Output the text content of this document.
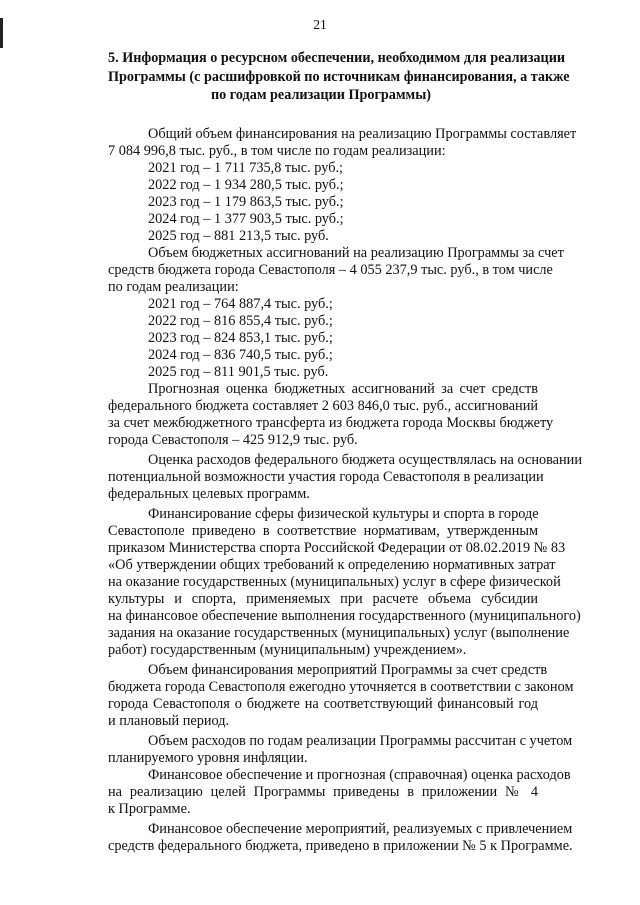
21
5. Информация о ресурсном обеспечении, необходимом для реализации
Программы (с расшифровкой по источникам финансирования, а также
по годам реализации Программы)
Общий объем финансирования на реализацию Программы составляет
7 084 996,8 тыс. руб., в том числе по годам реализации:
2021 год – 1 711 735,8 тыс. руб.;
2022 год – 1 934 280,5 тыс. руб.;
2023 год – 1 179 863,5 тыс. руб.;
2024 год – 1 377 903,5 тыс. руб.;
2025 год – 881 213,5 тыс. руб.
Объем бюджетных ассигнований на реализацию Программы за счет
средств бюджета города Севастополя – 4 055 237,9 тыс. руб., в том числе
по годам реализации:
2021 год – 764 887,4 тыс. руб.;
2022 год – 816 855,4 тыс. руб.;
2023 год – 824 853,1 тыс. руб.;
2024 год – 836 740,5 тыс. руб.;
2025 год – 811 901,5 тыс. руб.
Прогнозная оценка бюджетных ассигнований за счет средств
федерального бюджета составляет 2 603 846,0 тыс. руб., ассигнований
за счет межбюджетного трансферта из бюджета города Москвы бюджету
города Севастополя – 425 912,9 тыс. руб.
Оценка расходов федерального бюджета осуществлялась на основании
потенциальной возможности участия города Севастополя в реализации
федеральных целевых программ.
Финансирование сферы физической культуры и спорта в городе
Севастополе приведено в соответствие нормативам, утвержденным
приказом Министерства спорта Российской Федерации от 08.02.2019 № 83
«Об утверждении общих требований к определению нормативных затрат
на оказание государственных (муниципальных) услуг в сфере физической
культуры и спорта, применяемых при расчете объема субсидии
на финансовое обеспечение выполнения государственного (муниципального)
задания на оказание государственных (муниципальных) услуг (выполнение
работ) государственным (муниципальным) учреждением».
Объем финансирования мероприятий Программы за счет средств
бюджета города Севастополя ежегодно уточняется в соответствии с законом
города Севастополя о бюджете на соответствующий финансовый год
и плановый период.
Объем расходов по годам реализации Программы рассчитан с учетом
планируемого уровня инфляции.
Финансовое обеспечение и прогнозная (справочная) оценка расходов
на реализацию целей Программы приведены в приложении № 4
к Программе.
Финансовое обеспечение мероприятий, реализуемых с привлечением
средств федерального бюджета, приведено в приложении № 5 к Программе.
